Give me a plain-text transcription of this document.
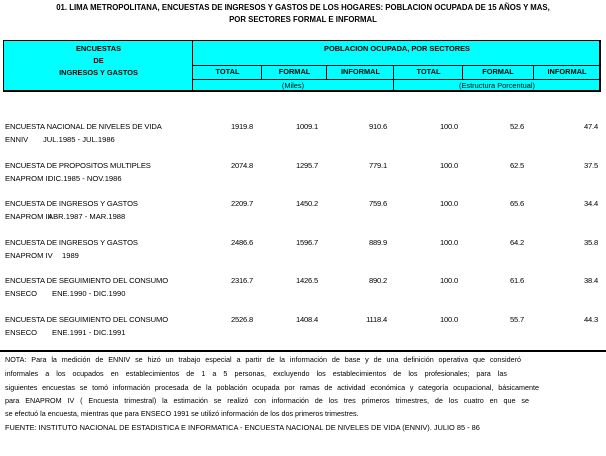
01. LIMA METROPOLITANA, ENCUESTAS DE INGRESOS Y GASTOS DE LOS HOGARES: POBLACION OCUPADA DE 15 AÑOS Y MAS,
POR SECTORES FORMAL E INFORMAL
ENCUESTAS
DE
INGRESOS Y GASTOS
POBLACION OCUPADA, POR SECTORES
TOTAL	FORMAL	INFORMAL	TOTAL	FORMAL	INFORMAL
(Miles)	(Estructura Porcentual)
ENCUESTA NACIONAL DE NIVELES DE VIDA
ENNIV JUL.1985 - JUL.1986
1919.8	1009.1	910.6	100.0	52.6	47.4
ENCUESTA DE PROPOSITOS MULTIPLES
ENAPROM II
DIC.1985 - NOV.1986
2074.8	1295.7	779.1	100.0	62.5	37.5
ENCUESTA DE INGRESOS Y GASTOS
ENAPROM III
ABR.1987 - MAR.1988
2209.7	1450.2	759.6	100.0	65.6	34.4
ENCUESTA DE INGRESOS Y GASTOS
ENAPROM IV 1989
2486.6	1596.7	889.9	100.0	64.2	35.8
ENCUESTA DE SEGUIMIENTO DEL CONSUMO
ENSECO ENE.1990 - DIC.1990
2316.7	1426.5	890.2	100.0	61.6	38.4
ENCUESTA DE SEGUIMIENTO DEL CONSUMO
ENSECO ENE.1991 - DIC.1991
2526.8	1408.4	1118.4	100.0	55.7	44.3
NOTA: Para la medición de ENNIV se hizó un trabajo especial a partir de la información de base y de una definición operativa que consideró
informales a los ocupados en establecimientos de 1 a 5 personas, excluyendo los establecimientos de los profesionales; para las
siguientes encuestas se tomó información procesada de la población ocupada por ramas de actividad económica y categoría ocupacional, básicamente
para ENAPROM IV ( Encuesta trimestral) la estimación se realizó con información de los tres primeros trimestres, de los cuatro en que se
se efectuó la encuesta, mientras que para ENSECO 1991 se utilizó información de los dos primeros trimestres.
FUENTE: INSTITUTO NACIONAL DE ESTADISTICA E INFORMATICA - ENCUESTA NACIONAL DE NIVELES DE VIDA (ENNIV). JULIO 85 - 86
